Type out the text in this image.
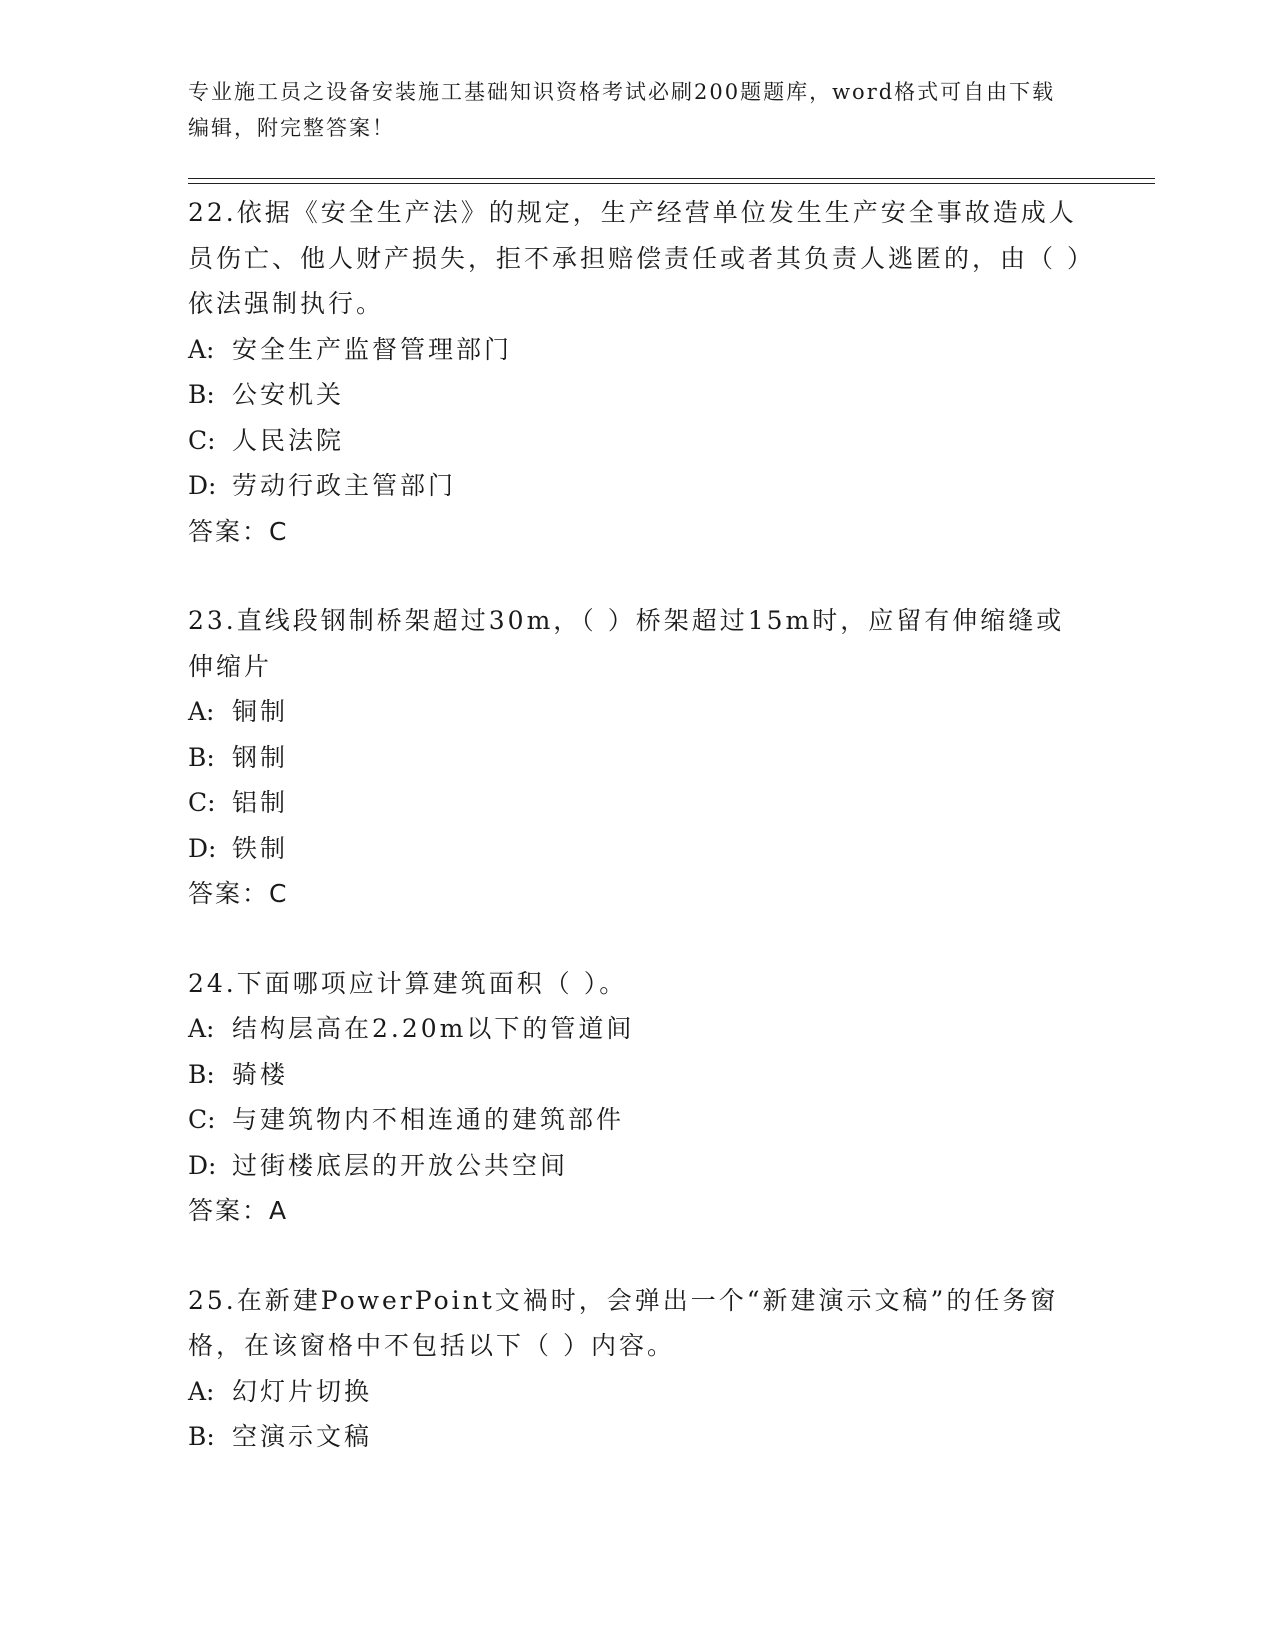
专业施工员之设备安装施工基础知识资格考试必刷200题题库，word格式可自由下载编辑，附完整答案！

22.依据《安全生产法》的规定，生产经营单位发生生产安全事故造成人员伤亡、他人财产损失，拒不承担赔偿责任或者其负责人逃匿的，由（ ）依法强制执行。

A: 安全生产监督管理部门

B: 公安机关

C: 人民法院

D: 劳动行政主管部门

答案：C

23.直线段钢制桥架超过30m，（ ）桥架超过15m时，应留有伸缩缝或伸缩片

A: 铜制

B: 钢制

C: 铝制

D: 铁制

答案：C

24.下面哪项应计算建筑面积（ ）。

A: 结构层高在2.20m以下的管道间

B: 骑楼

C: 与建筑物内不相连通的建筑部件

D: 过街楼底层的开放公共空间

答案：A

25.在新建PowerPoint文禍时，会弹出一个“新建演示文稿”的任务窗格，在该窗格中不包括以下（ ）内容。

A: 幻灯片切换

B: 空演示文稿
